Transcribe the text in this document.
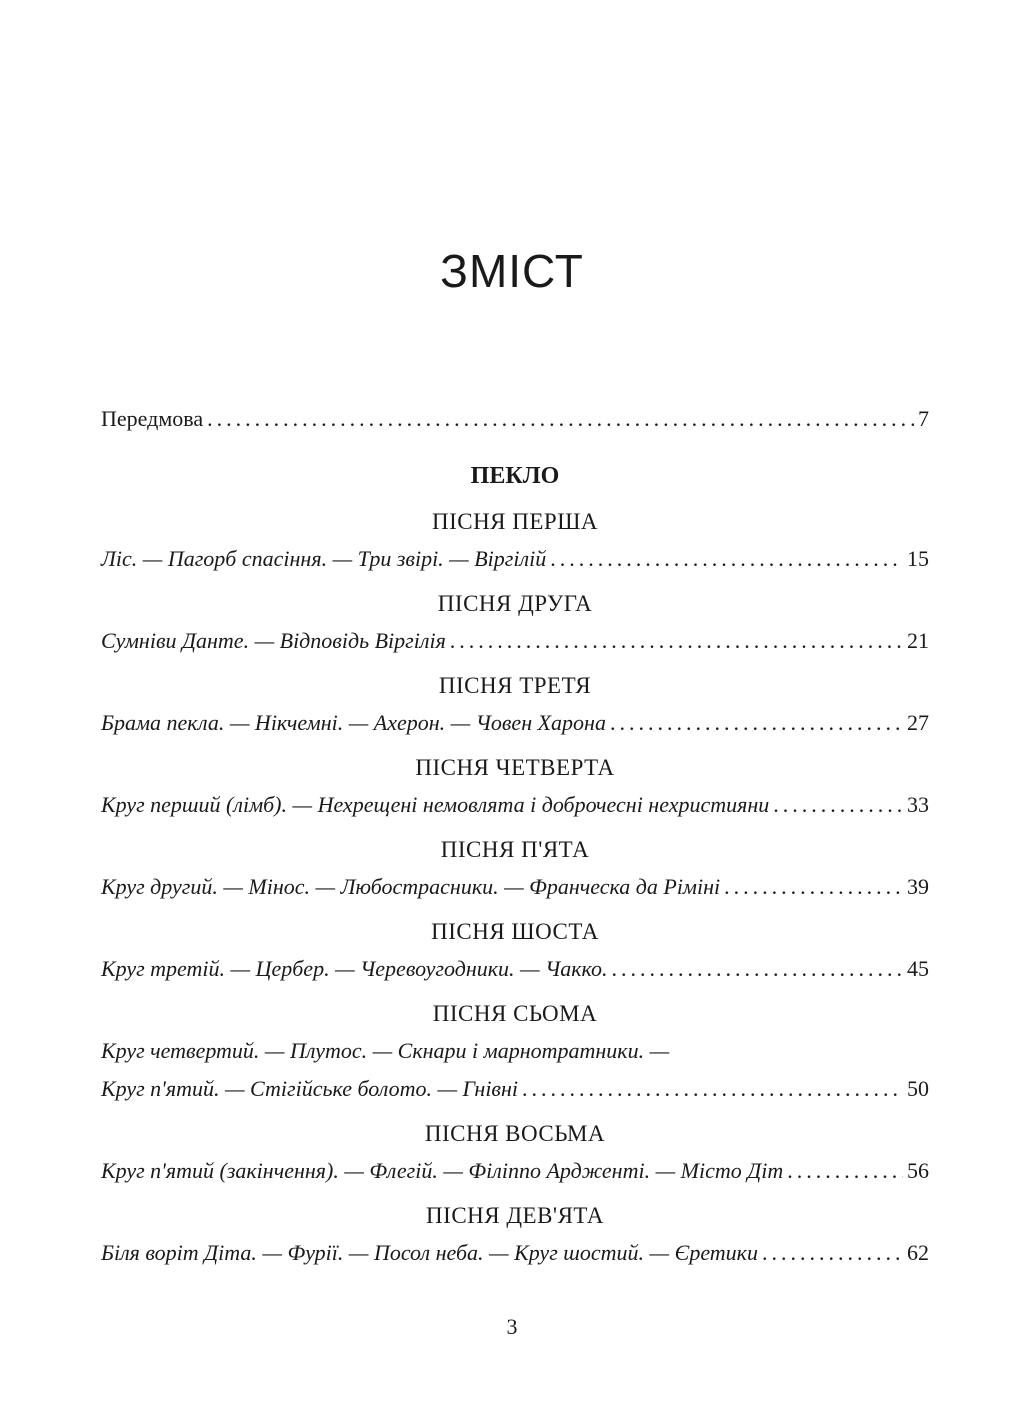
ЗМІСТ
Передмова .....	7
ПЕКЛО
ПІСНЯ ПЕРША
Ліс. — Пагорб спасіння. — Три звірі. — Віргілій .....	15
ПІСНЯ ДРУГА
Сумніви Данте. — Відповідь Віргілія .....	21
ПІСНЯ ТРЕТЯ
Брама пекла. — Нікчемні. — Ахерон. — Човен Харона .....	27
ПІСНЯ ЧЕТВЕРТА
Круг перший (лімб). — Нехрещені немовлята і доброчесні нехристияни .....	33
ПІСНЯ П'ЯТА
Круг другий. — Мінос. — Любострасники. — Франческа да Ріміні .....	39
ПІСНЯ ШОСТА
Круг третій. — Цербер. — Черевоугодники. — Чакко. .....	45
ПІСНЯ СЬОМА
Круг четвертий. — Плутос. — Скнари і марнотратники. —
Круг п'ятий. — Стігійське болото. — Гнівні .....	50
ПІСНЯ ВОСЬМА
Круг п'ятий (закінчення). — Флегій. — Філіппо Ардженті. — Місто Діт .....	56
ПІСНЯ ДЕВ'ЯТА
Біля воріт Діта. — Фурії. — Посол неба. — Круг шостий. — Єретики .....	62
3
